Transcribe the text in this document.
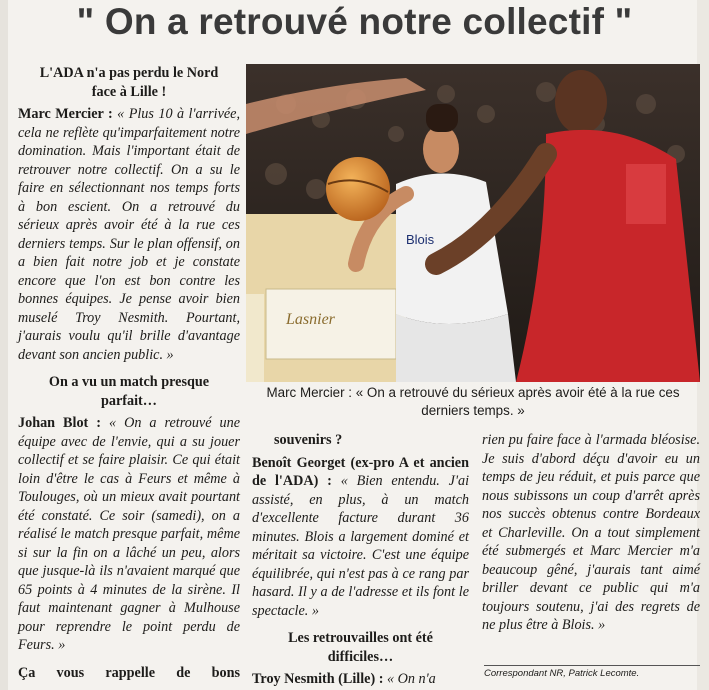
" On a retrouvé notre collectif "

L'ADA n'a pas perdu le Nord face à Lille !

Marc Mercier : « Plus 10 à l'arrivée, cela ne reflète qu'imparfaitement notre domination. Mais l'important était de retrouver notre collectif. On a su le faire en sélectionnant nos temps forts à bon escient. On a retrouvé du sérieux après avoir été à la rue ces derniers temps. Sur le plan offensif, on a bien fait notre job et je constate encore que l'on est bon contre les bonnes équipes. Je pense avoir bien muselé Troy Nesmith. Pourtant, j'aurais voulu qu'il brille d'avantage devant son ancien public. »

On a vu un match presque parfait…

Johan Blot : « On a retrouvé une équipe avec de l'envie, qui a su jouer collectif et se faire plaisir. Ce qui était loin d'être le cas à Feurs et même à Toulouges, où un mieux avait pourtant été constaté. Ce soir (samedi), on a réalisé le match presque parfait, même si sur la fin on a lâché un peu, alors que jusque-là ils n'avaient marqué que 65 points à 4 minutes de la sirène. Il faut maintenant gagner à Mulhouse pour reprendre le point perdu de Feurs. »

Ça vous rappelle de bons

Lasnier
Blois
Marc Mercier : « On a retrouvé du sérieux après avoir été à la rue ces derniers temps. »

souvenirs ?

Benoît Georget (ex-pro A et ancien de l'ADA) : « Bien entendu. J'ai assisté, en plus, à un match d'excellente facture durant 36 minutes. Blois a largement dominé et méritait sa victoire. C'est une équipe équilibrée, qui n'est pas à ce rang par hasard. Il y a de l'adresse et ils font le spectacle. »

Les retrouvailles ont été difficiles…

Troy Nesmith (Lille) : « On n'a

rien pu faire face à l'armada bléosise. Je suis d'abord déçu d'avoir eu un temps de jeu réduit, et puis parce que nous subissons un coup d'arrêt après nos succès obtenus contre Bordeaux et Charleville. On a tout simplement été submergés et Marc Mercier m'a beaucoup gêné, j'aurais tant aimé briller devant ce public qui m'a toujours soutenu, j'ai des regrets de ne plus être à Blois. »

Correspondant NR, Patrick Lecomte.
